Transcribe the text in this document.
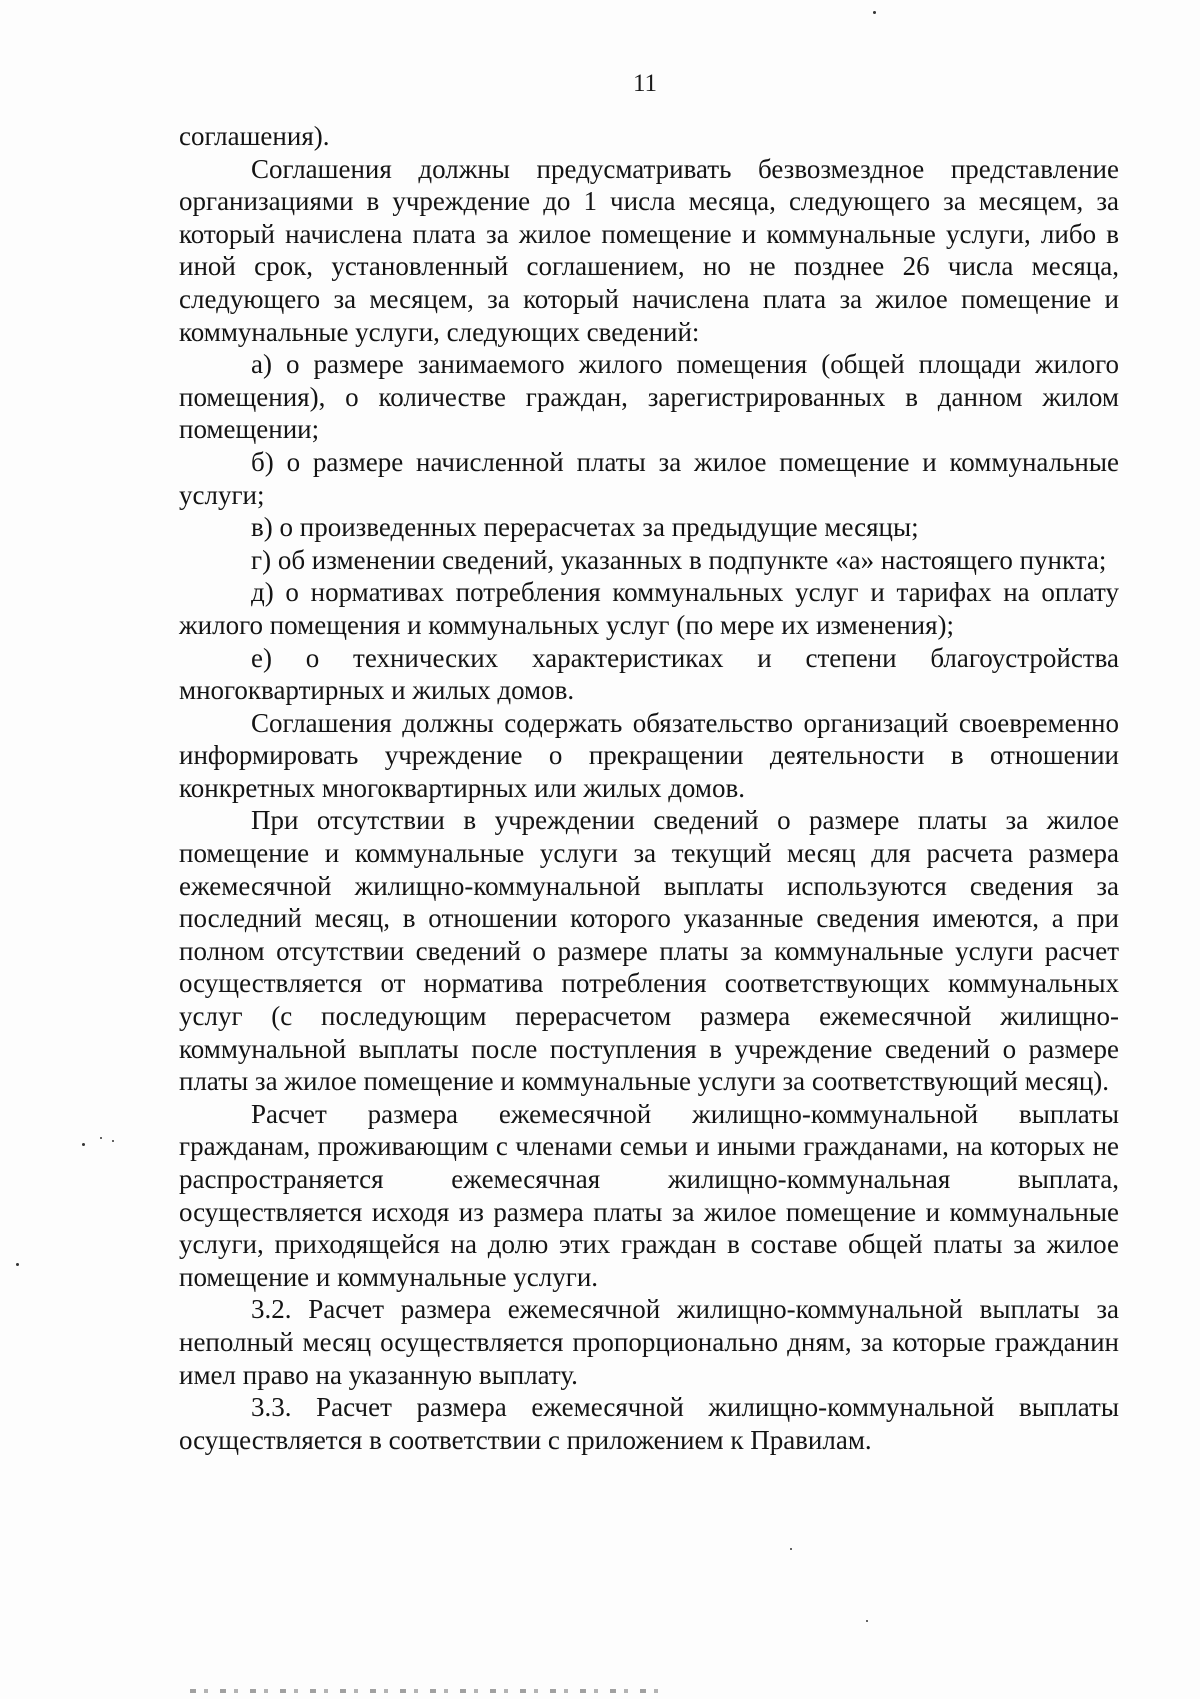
11

соглашения).

Соглашения должны предусматривать безвозмездное представление организациями в учреждение до 1 числа месяца, следующего за месяцем, за который начислена плата за жилое помещение и коммунальные услуги, либо в иной срок, установленный соглашением, но не позднее 26 числа месяца, следующего за месяцем, за который начислена плата за жилое помещение и коммунальные услуги, следующих сведений:

а) о размере занимаемого жилого помещения (общей площади жилого помещения), о количестве граждан, зарегистрированных в данном жилом помещении;

б) о размере начисленной платы за жилое помещение и коммунальные услуги;

в) о произведенных перерасчетах за предыдущие месяцы;

г) об изменении сведений, указанных в подпункте «а» настоящего пункта;

д) о нормативах потребления коммунальных услуг и тарифах на оплату жилого помещения и коммунальных услуг (по мере их изменения);

е) о технических характеристиках и степени благоустройства многоквартирных и жилых домов.

Соглашения должны содержать обязательство организаций своевременно информировать учреждение о прекращении деятельности в отношении конкретных многоквартирных или жилых домов.

При отсутствии в учреждении сведений о размере платы за жилое помещение и коммунальные услуги за текущий месяц для расчета размера ежемесячной жилищно-коммунальной выплаты используются сведения за последний месяц, в отношении которого указанные сведения имеются, а при полном отсутствии сведений о размере платы за коммунальные услуги расчет осуществляется от норматива потребления соответствующих коммунальных услуг (с последующим перерасчетом размера ежемесячной жилищно-коммунальной выплаты после поступления в учреждение сведений о размере платы за жилое помещение и коммунальные услуги за соответствующий месяц).

Расчет размера ежемесячной жилищно-коммунальной выплаты гражданам, проживающим с членами семьи и иными гражданами, на которых не распространяется ежемесячная жилищно-коммунальная выплата, осуществляется исходя из размера платы за жилое помещение и коммунальные услуги, приходящейся на долю этих граждан в составе общей платы за жилое помещение и коммунальные услуги.

3.2. Расчет размера ежемесячной жилищно-коммунальной выплаты за неполный месяц осуществляется пропорционально дням, за которые гражданин имел право на указанную выплату.

3.3. Расчет размера ежемесячной жилищно-коммунальной выплаты осуществляется в соответствии с приложением к Правилам.
